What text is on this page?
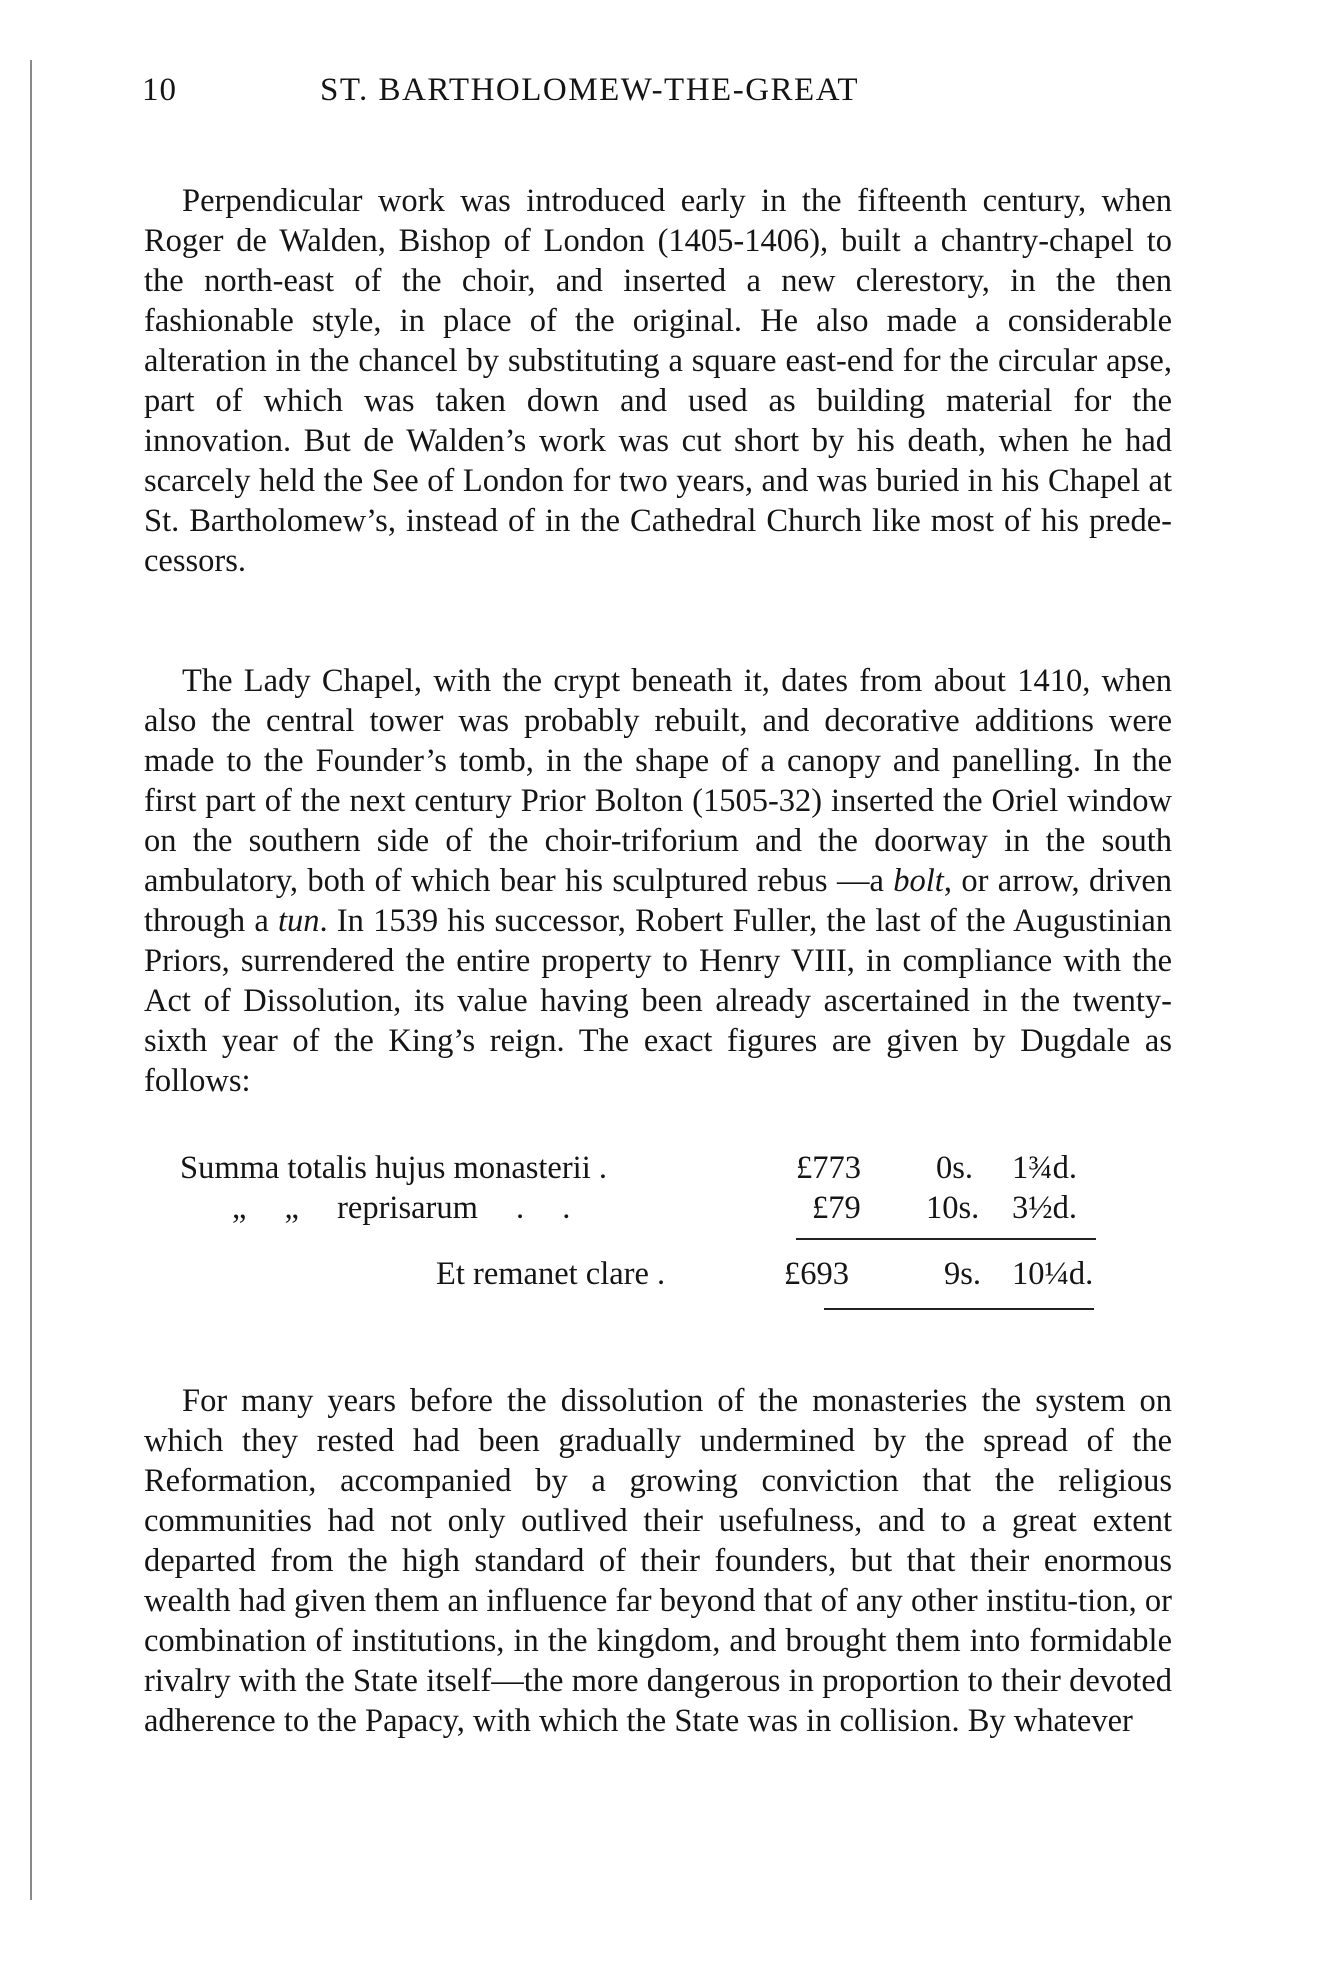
10	ST. BARTHOLOMEW-THE-GREAT

Perpendicular work was introduced early in the fifteenth century, when Roger de Walden, Bishop of London (1405-1406), built a chantry-chapel to the north-east of the choir, and inserted a new clerestory, in the then fashionable style, in place of the original. He also made a considerable alteration in the chancel by substituting a square east-end for the circular apse, part of which was taken down and used as building material for the innovation. But de Walden’s work was cut short by his death, when he had scarcely held the See of London for two years, and was buried in his Chapel at St. Bartholomew’s, instead of in the Cathedral Church like most of his prede-cessors.

The Lady Chapel, with the crypt beneath it, dates from about 1410, when also the central tower was probably rebuilt, and decorative additions were made to the Founder’s tomb, in the shape of a canopy and panelling. In the first part of the next century Prior Bolton (1505-32) inserted the Oriel window on the southern side of the choir-triforium and the doorway in the south ambulatory, both of which bear his sculptured rebus —a bolt, or arrow, driven through a tun. In 1539 his successor, Robert Fuller, the last of the Augustinian Priors, surrendered the entire property to Henry VIII, in compliance with the Act of Dissolution, its value having been already ascertained in the twenty-sixth year of the King’s reign. The exact figures are given by Dugdale as follows:

Summa totalis hujus monasterii .	£773 0s. 1¾d.
„ „ reprisarum . .	£79 10s. 3½d.
Et remanet clare .	£693	9s. 10¼d.

For many years before the dissolution of the monasteries the system on which they rested had been gradually undermined by the spread of the Reformation, accompanied by a growing conviction that the religious communities had not only outlived their usefulness, and to a great extent departed from the high standard of their founders, but that their enormous wealth had given them an influence far beyond that of any other institu-tion, or combination of institutions, in the kingdom, and brought them into formidable rivalry with the State itself—the more dangerous in proportion to their devoted adherence to the Papacy, with which the State was in collision. By whatever
